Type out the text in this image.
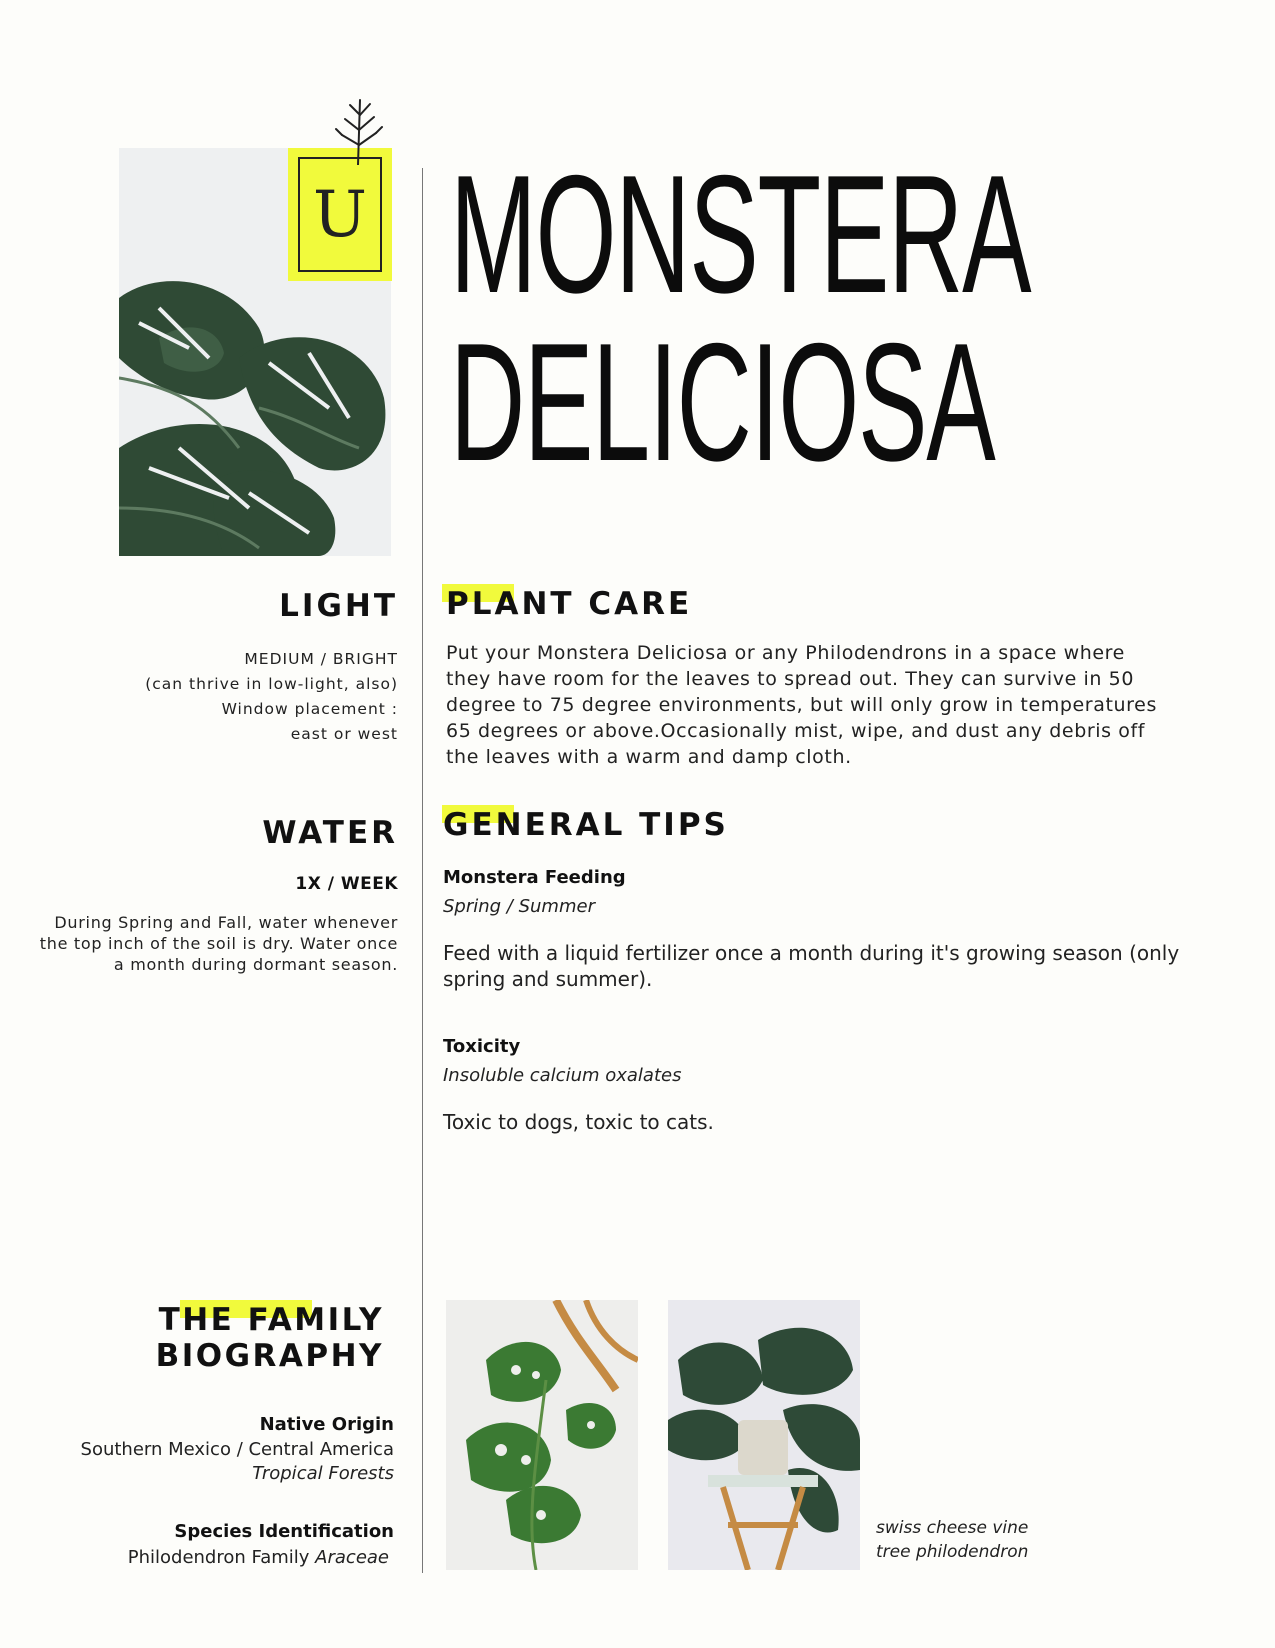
U MONSTERA
DELICIOSA
LIGHT
MEDIUM / BRIGHT
(can thrive in low-light, also)
Window placement :
east or west
WATER
1X / WEEK
During Spring and Fall, water whenever
the top inch of the soil is dry. Water once
a month during dormant season.
PLANT CARE
Put your Monstera Deliciosa or any Philodendrons in a space where
they have room for the leaves to spread out. They can survive in 50
degree to 75 degree environments, but will only grow in temperatures
65 degrees or above.Occasionally mist, wipe, and dust any debris off
the leaves with a warm and damp cloth.
GENERAL TIPS
Monstera Feeding
Spring / Summer
Feed with a liquid fertilizer once a month during it's growing season (only
spring and summer).
Toxicity
Insoluble calcium oxalates
Toxic to dogs, toxic to cats.
THE FAMILY
BIOGRAPHY
Native Origin
Southern Mexico / Central America
Tropical Forests
Species Identification
Philodendron Family Araceae
swiss cheese vine
tree philodendron
